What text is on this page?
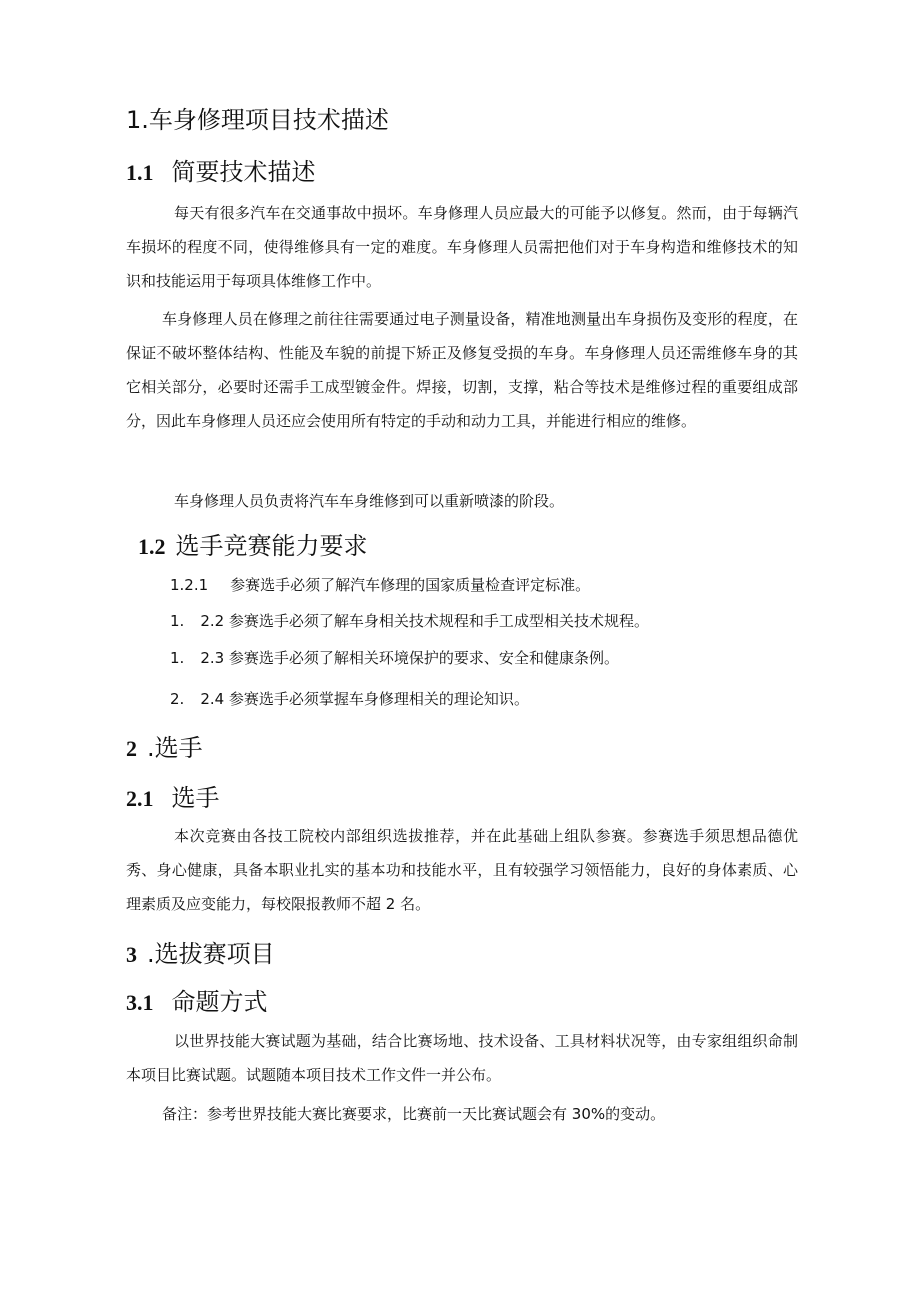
1.车身修理项目技术描述
1.1 简要技术描述
每天有很多汽车在交通事故中损坏。车身修理人员应最大的可能予以修复。然而，由于每辆汽车损坏的程度不同，使得维修具有一定的难度。车身修理人员需把他们对于车身构造和维修技术的知识和技能运用于每项具体维修工作中。
车身修理人员在修理之前往往需要通过电子测量设备，精准地测量出车身损伤及变形的程度，在保证不破坏整体结构、性能及车貌的前提下矫正及修复受损的车身。车身修理人员还需维修车身的其它相关部分，必要时还需手工成型镀金件。焊接，切割，支撑，粘合等技术是维修过程的重要组成部分，因此车身修理人员还应会使用所有特定的手动和动力工具，并能进行相应的维修。
车身修理人员负责将汽车车身维修到可以重新喷漆的阶段。
1.2 选手竞赛能力要求
1.2.1 参赛选手必须了解汽车修理的国家质量检查评定标准。
1. 2.2 参赛选手必须了解车身相关技术规程和手工成型相关技术规程。
1. 2.3 参赛选手必须了解相关环境保护的要求、安全和健康条例。
2. 2.4 参赛选手必须掌握车身修理相关的理论知识。
2 .选手
2.1 选手
本次竞赛由各技工院校内部组织选拔推荐，并在此基础上组队参赛。参赛选手须思想品德优秀、身心健康，具备本职业扎实的基本功和技能水平，且有较强学习领悟能力，良好的身体素质、心理素质及应变能力，每校限报教师不超 2 名。
3 .选拔赛项目
3.1 命题方式
以世界技能大赛试题为基础，结合比赛场地、技术设备、工具材料状况等，由专家组组织命制本项目比赛试题。试题随本项目技术工作文件一并公布。
备注：参考世界技能大赛比赛要求，比赛前一天比赛试题会有 30%的变动。
